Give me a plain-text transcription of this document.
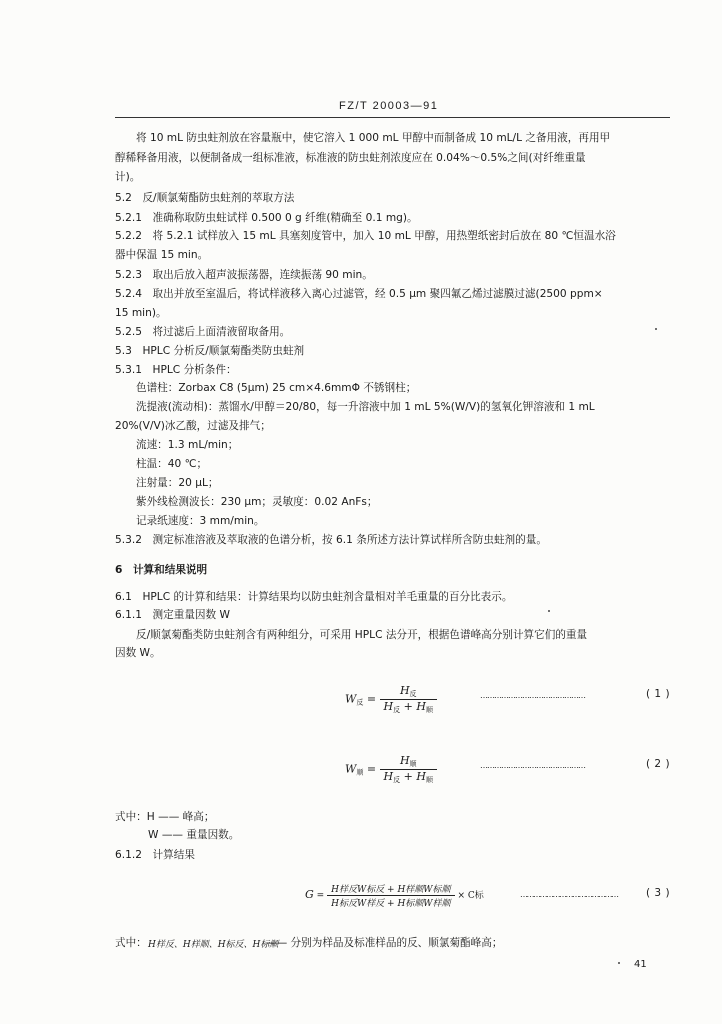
FZ/T 20003—91
将 10 mL 防虫蛀剂放在容量瓶中，使它溶入 1 000 mL 甲醇中而制备成 10 mL/L 之备用液，再用甲
醇稀释备用液，以便制备成一组标准液，标准液的防虫蛀剂浓度应在 0.04%～0.5%之间(对纤维重量
计)。
5.2　反/顺氯菊酯防虫蛀剂的萃取方法
5.2.1　准确称取防虫蛀试样 0.500 0 g 纤维(精确至 0.1 mg)。
5.2.2　将 5.2.1 试样放入 15 mL 具塞刻度管中，加入 10 mL 甲醇，用热塑纸密封后放在 80 ℃恒温水浴
器中保温 15 min。
5.2.3　取出后放入超声波振荡器，连续振荡 90 min。
5.2.4　取出并放至室温后，将试样液移入离心过滤管，经 0.5 μm 聚四氟乙烯过滤膜过滤(2500 ppm×
15 min)。
5.2.5　将过滤后上面清液留取备用。
5.3　HPLC 分析反/顺氯菊酯类防虫蛀剂
5.3.1　HPLC 分析条件：
色谱柱：Zorbax C8 (5μm) 25 cm×4.6mmΦ 不锈钢柱；
洗提液(流动相)：蒸馏水/甲醇＝20/80，每一升溶液中加 1 mL 5%(W/V)的氢氧化钾溶液和 1 mL
20%(V/V)冰乙酸，过滤及排气；
流速：1.3 mL/min；
柱温：40 ℃；
注射量：20 μL；
紫外线检测波长：230 μm；灵敏度：0.02 AnFs；
记录纸速度：3 mm/min。
5.3.2　测定标准溶液及萃取液的色谱分析，按 6.1 条所述方法计算试样所含防虫蛀剂的量。
6　计算和结果说明
6.1　HPLC 的计算和结果：计算结果均以防虫蛀剂含量相对羊毛重量的百分比表示。
6.1.1　测定重量因数 W
反/顺氯菊酯类防虫蛀剂含有两种组分，可采用 HPLC 法分开，根据色谱峰高分别计算它们的重量
因数 W。
$W_反 = \frac{H_反}{H_反 + H_顺}$	………………………………………	( 1 )
$W_顺 = \frac{H_顺}{H_反 + H_顺}$	………………………………………	( 2 )
式中：H —— 峰高；
W —— 重量因数。
6.1.2　计算结果
$G = \frac{\text{H样反W标反 + H样顺W标顺}}{\text{H标反W样反 + H标顺W样顺}} \times C$标	………………………………………	( 3 )
式中： H样反、H样顺、H标反、H标顺
—— 分别为样品及标准样品的反、顺氯菊酯峰高；
41
